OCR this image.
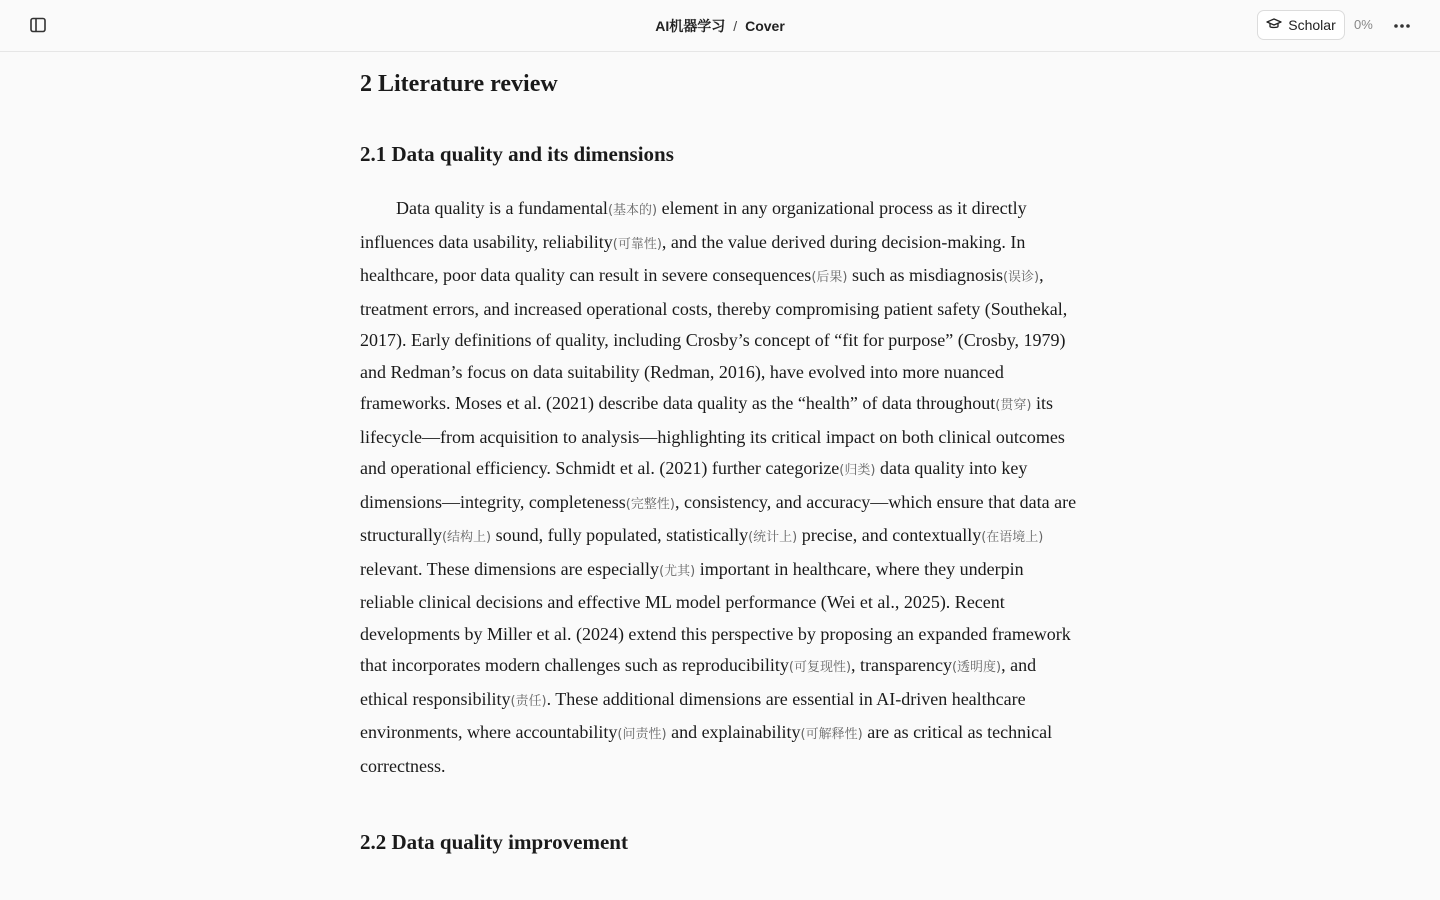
AI机器学习 / Cover	Scholar 0%
2 Literature review
2.1 Data quality and its dimensions

Data quality is a fundamental(基本的) element in any organizational process as it directly influences data usability, reliability(可靠性), and the value derived during decision-making. In healthcare, poor data quality can result in severe consequences(后果) such as misdiagnosis(误诊), treatment errors, and increased operational costs, thereby compromising patient safety (Southekal, 2017). Early definitions of quality, including Crosby’s concept of “fit for purpose” (Crosby, 1979) and Redman’s focus on data suitability (Redman, 2016), have evolved into more nuanced frameworks. Moses et al. (2021) describe data quality as the “health” of data throughout(贯穿) its lifecycle—from acquisition to analysis—highlighting its critical impact on both clinical outcomes and operational efficiency. Schmidt et al. (2021) further categorize(归类) data quality into key dimensions—integrity, completeness(完整性), consistency, and accuracy—which ensure that data are structurally(结构上) sound, fully populated, statistically(统计上) precise, and contextually(在语境上) relevant. These dimensions are especially(尤其) important in healthcare, where they underpin reliable clinical decisions and effective ML model performance (Wei et al., 2025). Recent developments by Miller et al. (2024) extend this perspective by proposing an expanded framework that incorporates modern challenges such as reproducibility(可复现性), transparency(透明度), and ethical responsibility(责任). These additional dimensions are essential in AI-driven healthcare environments, where accountability(问责性) and explainability(可解释性) are as critical as technical correctness.

2.2 Data quality improvement
